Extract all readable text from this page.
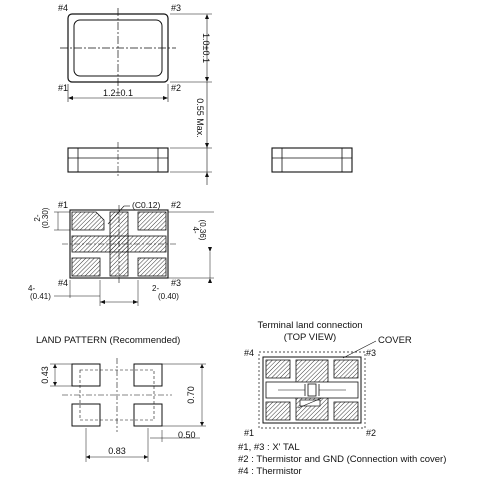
#4	#3
#1	#2
1.2±0.1
1.0±0.1
0.55 Max.
#1	#2
#4	#3
(C0.12)
2- (0.30)
4-
(0.36)
4-
(0.41)
2-
(0.40)
LAND PATTERN (Recommended)
0.43
0.70
0.50
0.83
Terminal land connection
(TOP VIEW)	COVER
#4	#3
#1	#2
#1, #3 : X' TAL
#2 : Thermistor and GND (Connection with cover)
#4 : Thermistor
